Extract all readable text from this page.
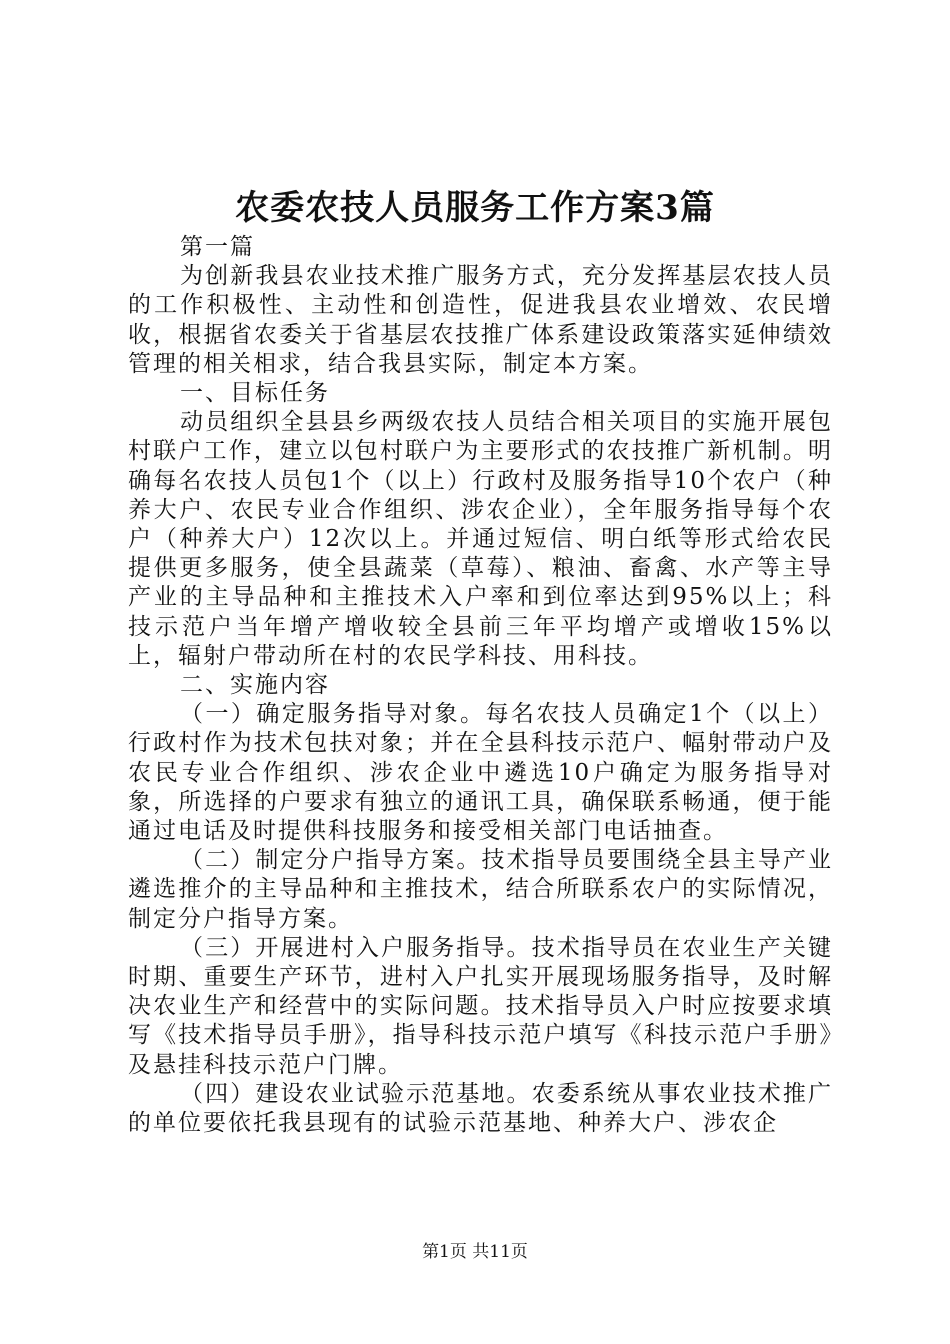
农委农技人员服务工作方案3篇

第一篇

为创新我县农业技术推广服务方式，充分发挥基层农技人员的工作积极性、主动性和创造性，促进我县农业增效、农民增收，根据省农委关于省基层农技推广体系建设政策落实延伸绩效管理的相关相求，结合我县实际，制定本方案。

一、目标任务

动员组织全县县乡两级农技人员结合相关项目的实施开展包村联户工作，建立以包村联户为主要形式的农技推广新机制。明确每名农技人员包1个（以上）行政村及服务指导10个农户（种养大户、农民专业合作组织、涉农企业），全年服务指导每个农户（种养大户）12次以上。并通过短信、明白纸等形式给农民提供更多服务，使全县蔬菜（草莓）、粮油、畜禽、水产等主导产业的主导品种和主推技术入户率和到位率达到95%以上；科技示范户当年增产增收较全县前三年平均增产或增收15%以上，辐射户带动所在村的农民学科技、用科技。

二、实施内容

（一）确定服务指导对象。每名农技人员确定1个（以上）行政村作为技术包扶对象；并在全县科技示范户、幅射带动户及农民专业合作组织、涉农企业中遴选10户确定为服务指导对象，所选择的户要求有独立的通讯工具，确保联系畅通，便于能通过电话及时提供科技服务和接受相关部门电话抽查。

（二）制定分户指导方案。技术指导员要围绕全县主导产业遴选推介的主导品种和主推技术，结合所联系农户的实际情况，制定分户指导方案。

（三）开展进村入户服务指导。技术指导员在农业生产关键时期、重要生产环节，进村入户扎实开展现场服务指导，及时解决农业生产和经营中的实际问题。技术指导员入户时应按要求填写《技术指导员手册》，指导科技示范户填写《科技示范户手册》及悬挂科技示范户门牌。

（四）建设农业试验示范基地。农委系统从事农业技术推广的单位要依托我县现有的试验示范基地、种养大户、涉农企

第1页 共11页
